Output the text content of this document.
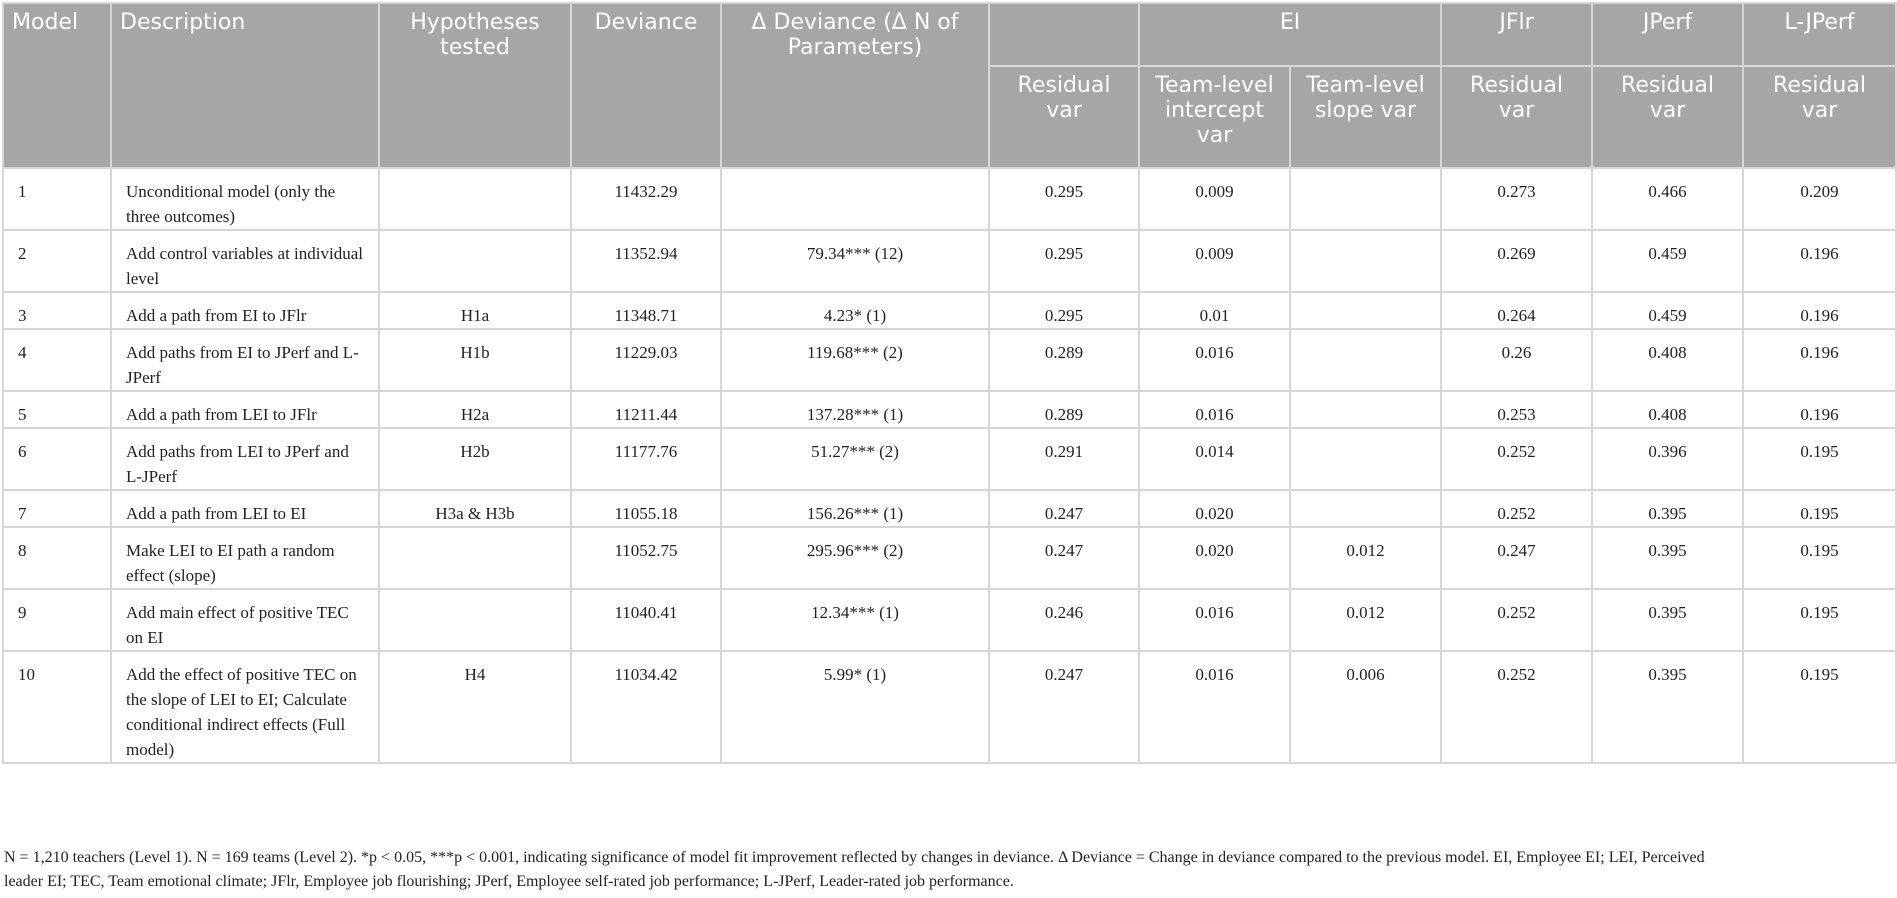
Model	Description	Hypotheses tested	Deviance	Δ Deviance (Δ N of Parameters)		EI		JFlr	JPerf	L-JPerf
					Residual var	Team-level intercept var	Team-level slope var	Residual var	Residual var	Residual var
1	Unconditional model (only the three outcomes)		11432.29		0.295	0.009		0.273	0.466	0.209
2	Add control variables at individual level		11352.94	79.34*** (12)	0.295	0.009		0.269	0.459	0.196
3	Add a path from EI to JFlr	H1a	11348.71	4.23* (1)	0.295	0.01		0.264	0.459	0.196
4	Add paths from EI to JPerf and L-JPerf	H1b	11229.03	119.68*** (2)	0.289	0.016		0.26	0.408	0.196
5	Add a path from LEI to JFlr	H2a	11211.44	137.28*** (1)	0.289	0.016		0.253	0.408	0.196
6	Add paths from LEI to JPerf and L-JPerf	H2b	11177.76	51.27*** (2)	0.291	0.014		0.252	0.396	0.195
7	Add a path from LEI to EI	H3a & H3b	11055.18	156.26*** (1)	0.247	0.020		0.252	0.395	0.195
8	Make LEI to EI path a random effect (slope)		11052.75	295.96*** (2)	0.247	0.020	0.012	0.247	0.395	0.195
9	Add main effect of positive TEC on EI		11040.41	12.34*** (1)	0.246	0.016	0.012	0.252	0.395	0.195
10	Add the effect of positive TEC on the slope of LEI to EI; Calculate conditional indirect effects (Full model)	H4	11034.42	5.99* (1)	0.247	0.016	0.006	0.252	0.395	0.195
N = 1,210 teachers (Level 1). N = 169 teams (Level 2). *p < 0.05, ***p < 0.001, indicating significance of model fit improvement reflected by changes in deviance. Δ Deviance = Change in deviance compared to the previous model. EI, Employee EI; LEI, Perceived
leader EI; TEC, Team emotional climate; JFlr, Employee job flourishing; JPerf, Employee self-rated job performance; L-JPerf, Leader-rated job performance.
